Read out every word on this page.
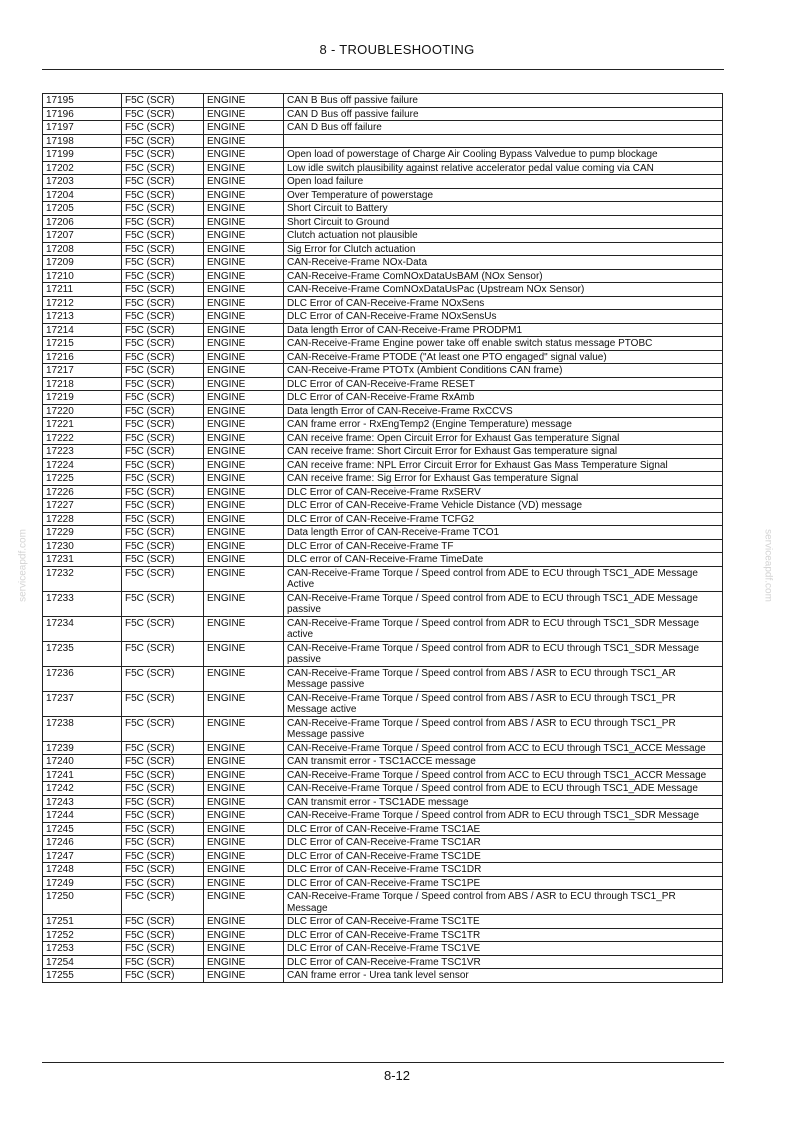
8 - TROUBLESHOOTING
serviceapdf.com	serviceapdf.com
17195	F5C (SCR)	ENGINE	CAN B Bus off passive failure
17196	F5C (SCR)	ENGINE	CAN D Bus off passive failure
17197	F5C (SCR)	ENGINE	CAN D Bus off failure
17198	F5C (SCR)	ENGINE	
17199	F5C (SCR)	ENGINE	Open load of powerstage of Charge Air Cooling Bypass Valvedue to pump blockage
17202	F5C (SCR)	ENGINE	Low idle switch plausibility against relative accelerator pedal value coming via CAN
17203	F5C (SCR)	ENGINE	Open load failure
17204	F5C (SCR)	ENGINE	Over Temperature of powerstage
17205	F5C (SCR)	ENGINE	Short Circuit to Battery
17206	F5C (SCR)	ENGINE	Short Circuit to Ground
17207	F5C (SCR)	ENGINE	Clutch actuation not plausible
17208	F5C (SCR)	ENGINE	Sig Error for Clutch actuation
17209	F5C (SCR)	ENGINE	CAN-Receive-Frame NOx-Data
17210	F5C (SCR)	ENGINE	CAN-Receive-Frame ComNOxDataUsBAM (NOx Sensor)
17211	F5C (SCR)	ENGINE	CAN-Receive-Frame ComNOxDataUsPac (Upstream NOx Sensor)
17212	F5C (SCR)	ENGINE	DLC Error of CAN-Receive-Frame NOxSens
17213	F5C (SCR)	ENGINE	DLC Error of CAN-Receive-Frame NOxSensUs
17214	F5C (SCR)	ENGINE	Data length Error of CAN-Receive-Frame PRODPM1
17215	F5C (SCR)	ENGINE	CAN-Receive-Frame Engine power take off enable switch status message PTOBC
17216	F5C (SCR)	ENGINE	CAN-Receive-Frame PTODE ("At least one PTO engaged" signal value)
17217	F5C (SCR)	ENGINE	CAN-Receive-Frame PTOTx (Ambient Conditions CAN frame)
17218	F5C (SCR)	ENGINE	DLC Error of CAN-Receive-Frame RESET
17219	F5C (SCR)	ENGINE	DLC Error of CAN-Receive-Frame RxAmb
17220	F5C (SCR)	ENGINE	Data length Error of CAN-Receive-Frame RxCCVS
17221	F5C (SCR)	ENGINE	CAN frame error - RxEngTemp2 (Engine Temperature) message
17222	F5C (SCR)	ENGINE	CAN receive frame: Open Circuit Error for Exhaust Gas temperature Signal
17223	F5C (SCR)	ENGINE	CAN receive frame: Short Circuit Error for Exhaust Gas temperature signal
17224	F5C (SCR)	ENGINE	CAN receive frame: NPL Error Circuit Error for Exhaust Gas Mass Temperature Signal
17225	F5C (SCR)	ENGINE	CAN receive frame: Sig Error for Exhaust Gas temperature Signal
17226	F5C (SCR)	ENGINE	DLC Error of CAN-Receive-Frame RxSERV
17227	F5C (SCR)	ENGINE	DLC Error of CAN-Receive-Frame Vehicle Distance (VD) message
17228	F5C (SCR)	ENGINE	DLC Error of CAN-Receive-Frame TCFG2
17229	F5C (SCR)	ENGINE	Data length Error of CAN-Receive-Frame TCO1
17230	F5C (SCR)	ENGINE	DLC Error of CAN-Receive-Frame TF
17231	F5C (SCR)	ENGINE	DLC error of CAN-Receive-Frame TimeDate
17232	F5C (SCR)	ENGINE	CAN-Receive-Frame Torque / Speed control from ADE to ECU through TSC1_ADE Message Active
17233	F5C (SCR)	ENGINE	CAN-Receive-Frame Torque / Speed control from ADE to ECU through TSC1_ADE Message passive
17234	F5C (SCR)	ENGINE	CAN-Receive-Frame Torque / Speed control from ADR to ECU through TSC1_SDR Message active
17235	F5C (SCR)	ENGINE	CAN-Receive-Frame Torque / Speed control from ADR to ECU through TSC1_SDR Message passive
17236	F5C (SCR)	ENGINE	CAN-Receive-Frame Torque / Speed control from ABS / ASR to ECU through TSC1_AR Message passive
17237	F5C (SCR)	ENGINE	CAN-Receive-Frame Torque / Speed control from ABS / ASR to ECU through TSC1_PR Message active
17238	F5C (SCR)	ENGINE	CAN-Receive-Frame Torque / Speed control from ABS / ASR to ECU through TSC1_PR Message passive
17239	F5C (SCR)	ENGINE	CAN-Receive-Frame Torque / Speed control from ACC to ECU through TSC1_ACCE Message
17240	F5C (SCR)	ENGINE	CAN transmit error - TSC1ACCE message
17241	F5C (SCR)	ENGINE	CAN-Receive-Frame Torque / Speed control from ACC to ECU through TSC1_ACCR Message
17242	F5C (SCR)	ENGINE	CAN-Receive-Frame Torque / Speed control from ADE to ECU through TSC1_ADE Message
17243	F5C (SCR)	ENGINE	CAN transmit error - TSC1ADE message
17244	F5C (SCR)	ENGINE	CAN-Receive-Frame Torque / Speed control from ADR to ECU through TSC1_SDR Message
17245	F5C (SCR)	ENGINE	DLC Error of CAN-Receive-Frame TSC1AE
17246	F5C (SCR)	ENGINE	DLC Error of CAN-Receive-Frame TSC1AR
17247	F5C (SCR)	ENGINE	DLC Error of CAN-Receive-Frame TSC1DE
17248	F5C (SCR)	ENGINE	DLC Error of CAN-Receive-Frame TSC1DR
17249	F5C (SCR)	ENGINE	DLC Error of CAN-Receive-Frame TSC1PE
17250	F5C (SCR)	ENGINE	CAN-Receive-Frame Torque / Speed control from ABS / ASR to ECU through TSC1_PR Message
17251	F5C (SCR)	ENGINE	DLC Error of CAN-Receive-Frame TSC1TE
17252	F5C (SCR)	ENGINE	DLC Error of CAN-Receive-Frame TSC1TR
17253	F5C (SCR)	ENGINE	DLC Error of CAN-Receive-Frame TSC1VE
17254	F5C (SCR)	ENGINE	DLC Error of CAN-Receive-Frame TSC1VR
17255	F5C (SCR)	ENGINE	CAN frame error - Urea tank level sensor
8-12
